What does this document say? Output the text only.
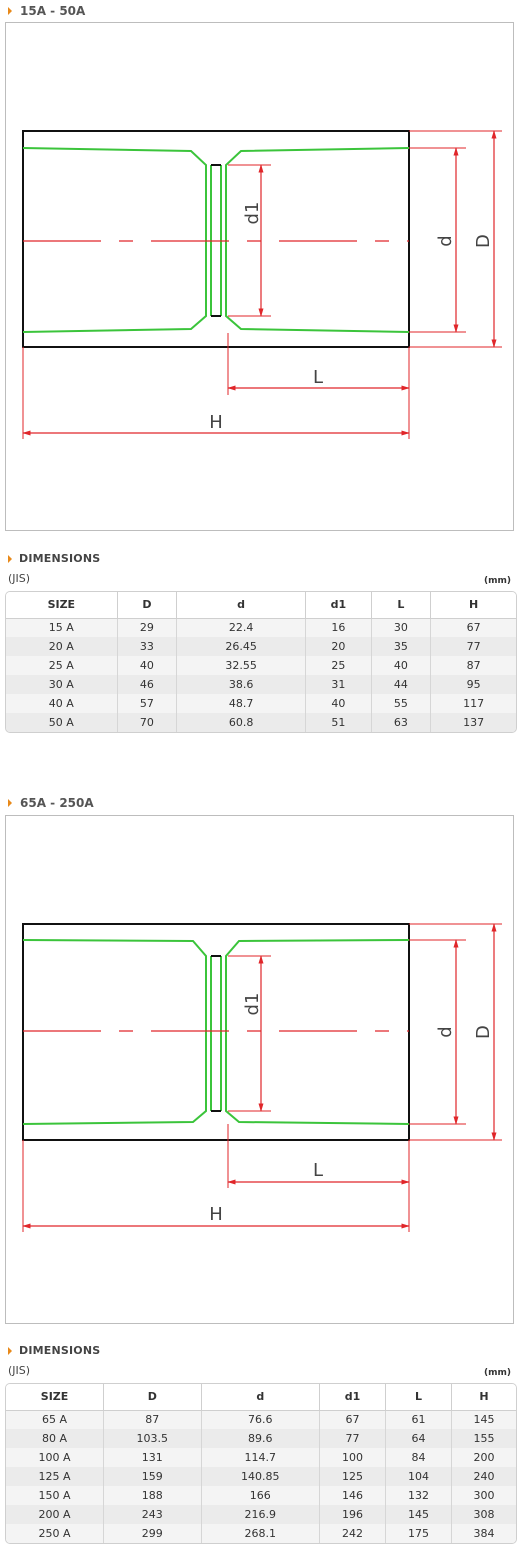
15A - 50A
d1
d D
L
H
DIMENSIONS
(JIS)	(mm)
SIZE	D	d	d1	L	H
15 A	29	22.4	16	30	67
20 A	33	26.45	20	35	77
25 A	40	32.55	25	40	87
30 A	46	38.6	31	44	95
40 A	57	48.7	40	55	117
50 A	70	60.8	51	63	137
65A - 250A
d1
d D
L
H
DIMENSIONS
(JIS)	(mm)
SIZE	D	d	d1	L	H
65 A	87	76.6	67	61	145
80 A	103.5	89.6	77	64	155
100 A	131	114.7	100	84	200
125 A	159	140.85	125	104	240
150 A	188	166	146	132	300
200 A	243	216.9	196	145	308
250 A	299	268.1	242	175	384
